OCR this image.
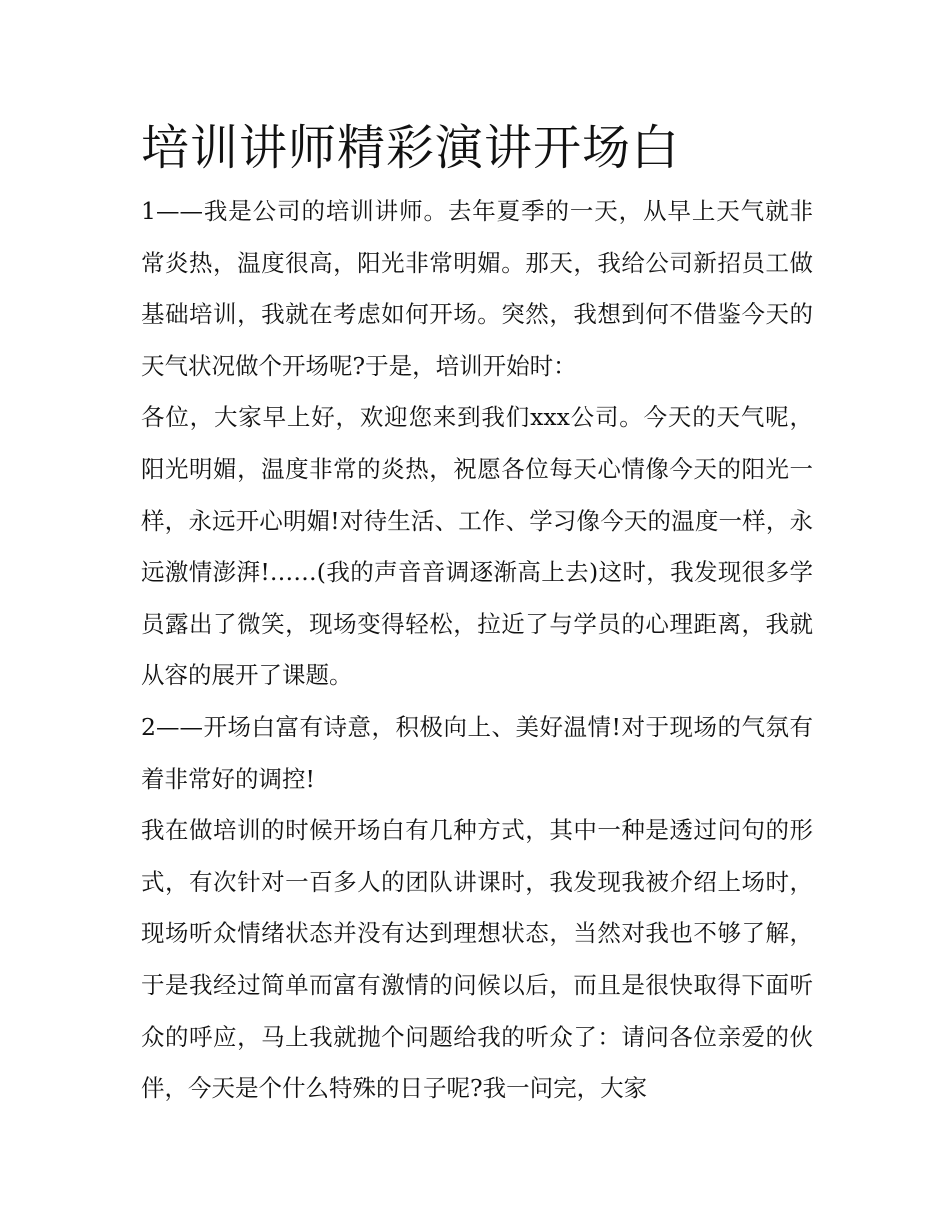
培训讲师精彩演讲开场白

1——我是公司的培训讲师。去年夏季的一天，从早上天气就非常炎热，温度很高，阳光非常明媚。那天，我给公司新招员工做基础培训，我就在考虑如何开场。突然，我想到何不借鉴今天的天气状况做个开场呢?于是，培训开始时：

各位，大家早上好，欢迎您来到我们xxx公司。今天的天气呢，阳光明媚，温度非常的炎热，祝愿各位每天心情像今天的阳光一样，永远开心明媚!对待生活、工作、学习像今天的温度一样，永远激情澎湃!……(我的声音音调逐渐高上去)这时，我发现很多学员露出了微笑，现场变得轻松，拉近了与学员的心理距离，我就从容的展开了课题。

2——开场白富有诗意，积极向上、美好温情!对于现场的气氛有着非常好的调控!

我在做培训的时候开场白有几种方式，其中一种是透过问句的形式，有次针对一百多人的团队讲课时，我发现我被介绍上场时，现场听众情绪状态并没有达到理想状态，当然对我也不够了解，于是我经过简单而富有激情的问候以后，而且是很快取得下面听众的呼应，马上我就抛个问题给我的听众了：请问各位亲爱的伙伴，今天是个什么特殊的日子呢?我一问完，大家
